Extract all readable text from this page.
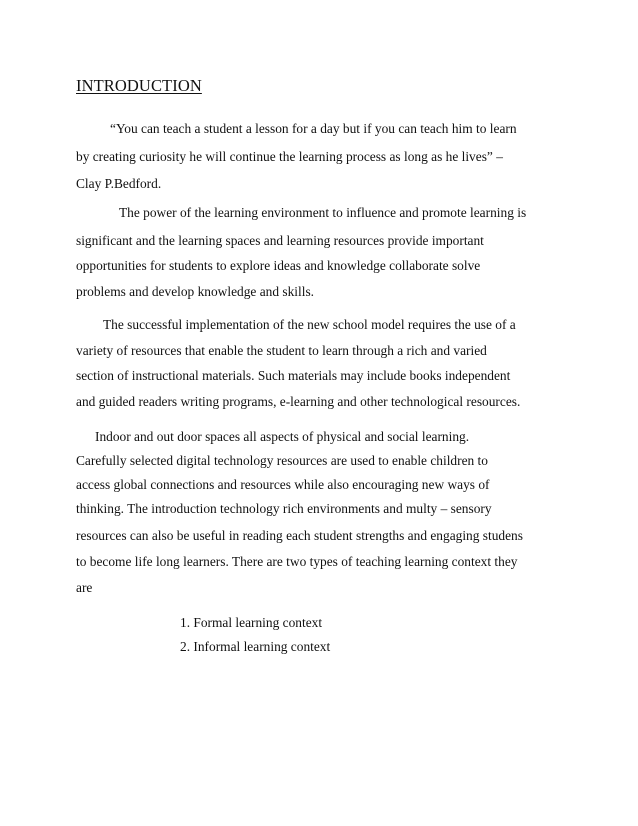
INTRODUCTION
“You can teach a student a lesson for a day but if you can teach him to learn
by creating curiosity he will continue the learning process as long as he lives” –
Clay P.Bedford.
The power of the learning environment to influence and promote learning is
significant and the learning spaces and learning resources provide important
opportunities for students to explore ideas and knowledge collaborate solve
problems and develop knowledge and skills.
The successful implementation of the new school model requires the use of a
variety of resources that enable the student to learn through a rich and varied
section of instructional materials. Such materials may include books independent
and guided readers writing programs, e-learning and other technological resources.
Indoor and out door spaces all aspects of physical and social learning.
Carefully selected digital technology resources are used to enable children to
access global connections and resources while also encouraging new ways of
thinking. The introduction technology rich environments and multy – sensory
resources can also be useful in reading each student strengths and engaging studens
to become life long learners. There are two types of teaching learning context they
are
1. Formal learning context
2. Informal learning context
